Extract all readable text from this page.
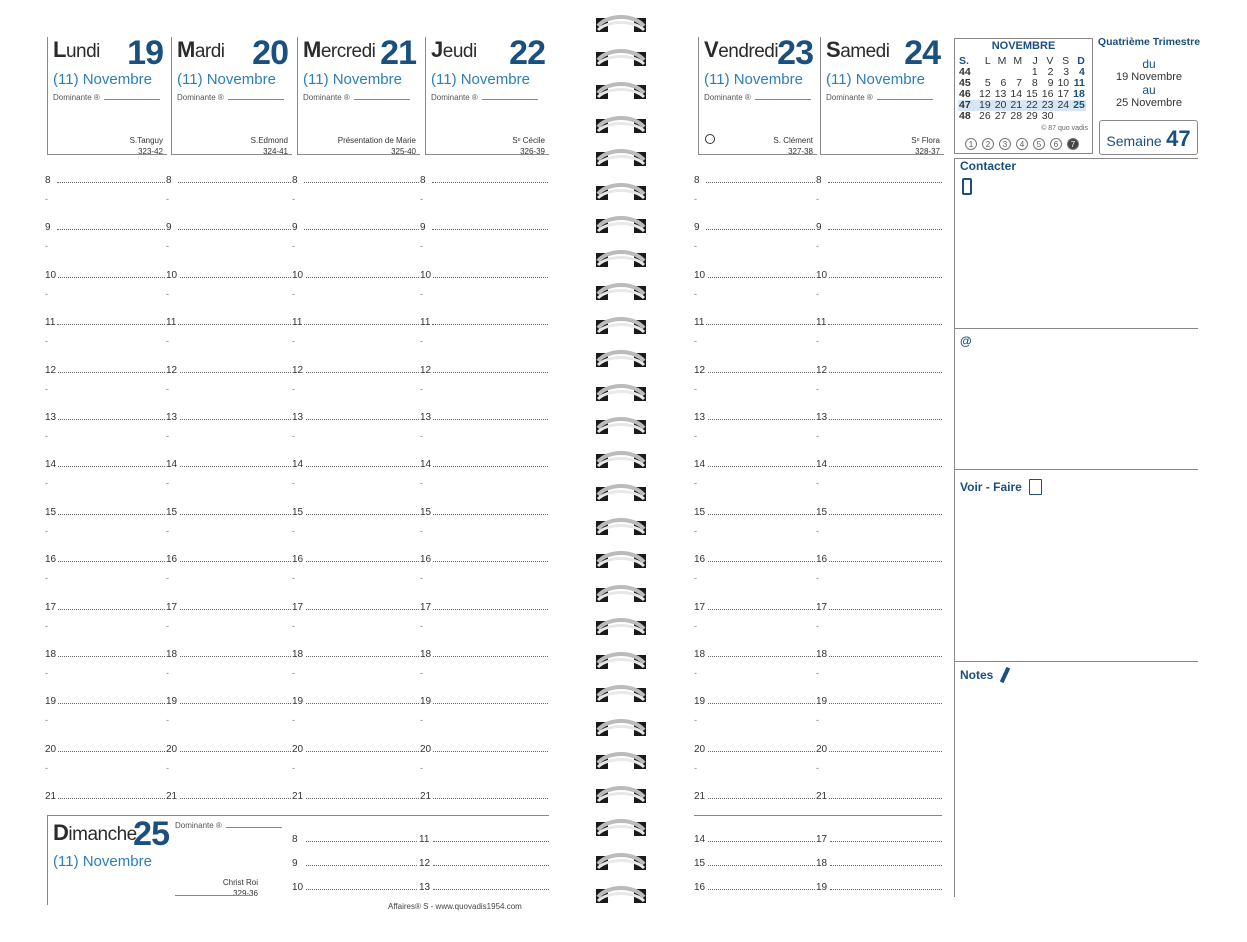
Lundi 19
(11) Novembre
Dominante ®
S.Tanguy
323-42
Mardi 20
(11) Novembre
Dominante ®
S.Edmond
324-41
Mercredi 21
(11) Novembre
Dominante ®
Présentation de Marie
325-40
Jeudi 22
(11) Novembre
Dominante ®
Sᵉ Cécile
326-39
Vendredi 23
(11) Novembre
Dominante ®
S. Clément
327-38
Samedi 24
(11) Novembre
Dominante ®
Sᵉ Flora
328-37
8
-
9
-
10
-
11
-
12
-
13
-
14
-
15
-
16
-
17
-
18
-
19
-
20
-
21
8
-
9
-
10
-
11
-
12
-
13
-
14
-
15
-
16
-
17
-
18
-
19
-
20
-
21
8
-
9
-
10
-
11
-
12
-
13
-
14
-
15
-
16
-
17
-
18
-
19
-
20
-
21
8
-
9
-
10
-
11
-
12
-
13
-
14
-
15
-
16
-
17
-
18
-
19
-
20
-
21
8
-
9
-
10
-
11
-
12
-
13
-
14
-
15
-
16
-
17
-
18
-
19
-
20
-
21
8
-
9
-
10
-
11
-
12
-
13
-
14
-
15
-
16
-
17
-
18
-
19
-
20
-
21
Dimanche
25
(11) Novembre
Dominante ®
Christ Roi
329-36
8
9
10
11
12
13
Affaires® S - www.quovadis1954.com
14
15
16
17
18
19
NOVEMBRE
S.	L	M	M	J	V	S	D
44				1	2	3	4
45	5	6	7	8	9	10	11
46	12	13	14	15	16	17	18
47	19	20	21	22	23	24	25
48	26	27	28	29	30		
© 87 quo vadis
1 2 3 4 5 6 7
Quatrième Trimestre
du
19 Novembre
au
25 Novembre
Semaine 47
Contacter
@
Voir - Faire
Notes
